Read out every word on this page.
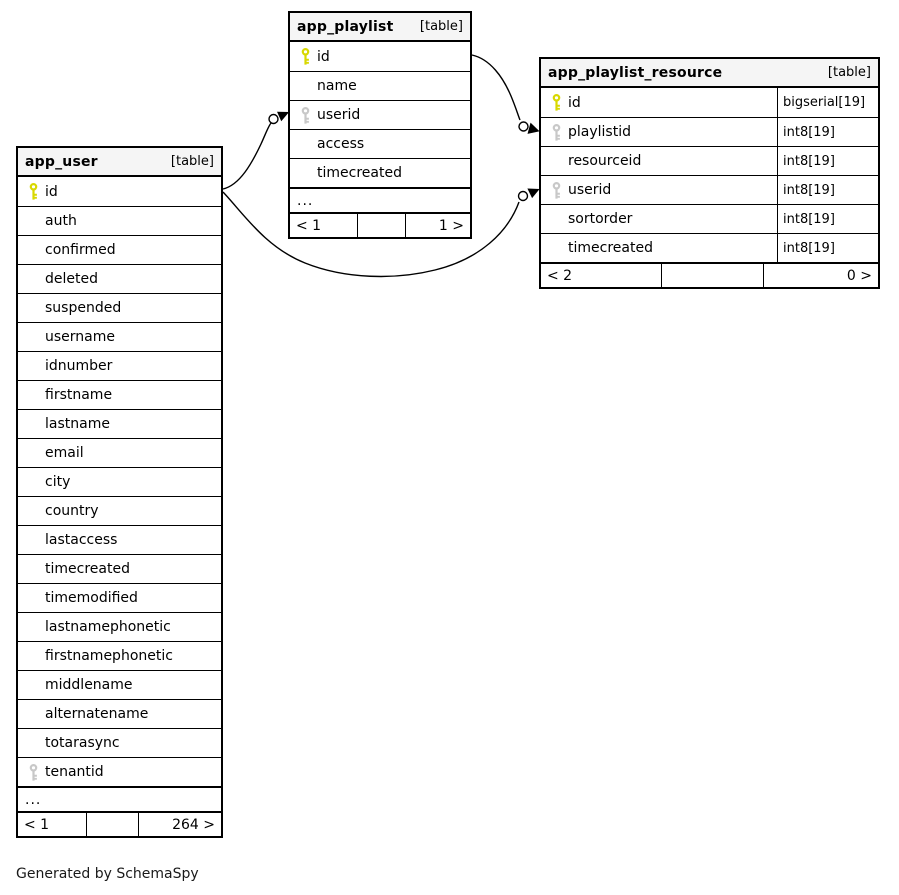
app_user	[table]
id
auth
confirmed
deleted
suspended
username
idnumber
firstname
lastname
email
city
country
lastaccess
timecreated
timemodified
lastnamephonetic
firstnamephonetic
middlename
alternatename
totarasync
tenantid
...
< 1	264 >
app_playlist [table]
id
name
userid
access
timecreated
...
< 1	1 >
app_playlist_resource	[table]
id	bigserial[19]
playlistid	int8[19]
resourceid	int8[19]
userid	int8[19]
sortorder	int8[19]
timecreated	int8[19]
< 2	0 >
Generated by SchemaSpy
